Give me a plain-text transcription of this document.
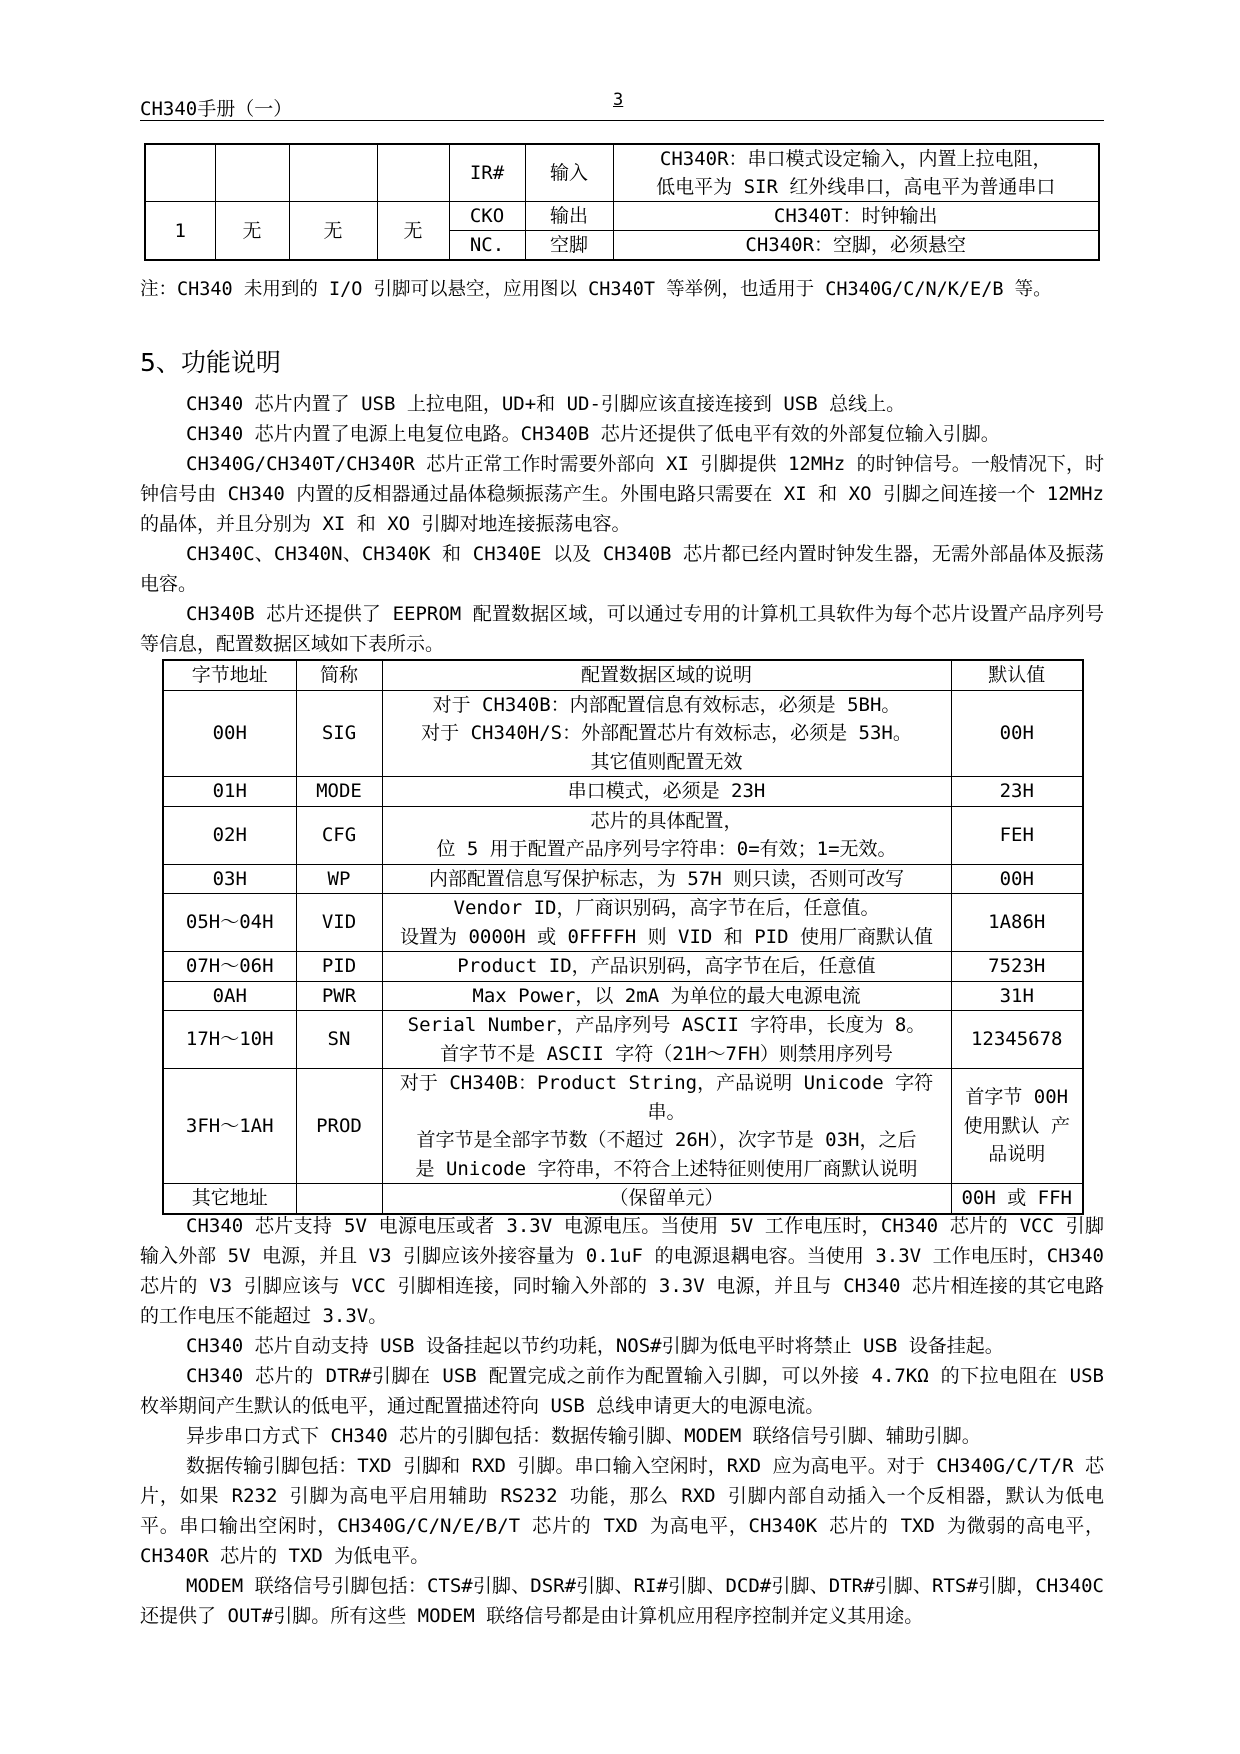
CH340手册（一）	3
				IR#	输入	CH340R：串口模式设定输入，内置上拉电阻，
低电平为 SIR 红外线串口，高电平为普通串口

1	无	无	无	CKO	输出	CH340T：时钟输出
				NC.	空脚	CH340R：空脚，必须悬空
注：CH340 未用到的 I/O 引脚可以悬空，应用图以 CH340T 等举例，也适用于 CH340G/C/N/K/E/B 等。
5、功能说明

CH340 芯片内置了 USB 上拉电阻，UD+和 UD-引脚应该直接连接到 USB 总线上。

CH340 芯片内置了电源上电复位电路。CH340B 芯片还提供了低电平有效的外部复位输入引脚。

CH340G/CH340T/CH340R 芯片正常工作时需要外部向 XI 引脚提供 12MHz 的时钟信号。一般情况下，时钟信号由 CH340 内置的反相器通过晶体稳频振荡产生。外围电路只需要在 XI 和 XO 引脚之间连接一个 12MHz 的晶体，并且分别为 XI 和 XO 引脚对地连接振荡电容。

CH340C、CH340N、CH340K 和 CH340E 以及 CH340B 芯片都已经内置时钟发生器，无需外部晶体及振荡电容。

CH340B 芯片还提供了 EEPROM 配置数据区域，可以通过专用的计算机工具软件为每个芯片设置产品序列号等信息，配置数据区域如下表所示。

字节地址	简称	配置数据区域的说明	默认值
00H	SIG	对于 CH340B：内部配置信息有效标志，必须是 5BH。
对于 CH340H/S：外部配置芯片有效标志，必须是 53H。
其它值则配置无效	00H
01H	MODE	串口模式，必须是 23H	23H
02H	CFG	芯片的具体配置，
位 5 用于配置产品序列号字符串：0=有效；1=无效。	FEH
03H	WP	内部配置信息写保护标志，为 57H 则只读，否则可改写	00H
05H～04H	VID	Vendor ID，厂商识别码，高字节在后，任意值。
设置为 0000H 或 0FFFFH 则 VID 和 PID 使用厂商默认值	1A86H
07H～06H	PID	Product ID，产品识别码，高字节在后，任意值	7523H
0AH	PWR	Max Power，以 2mA 为单位的最大电源电流	31H
17H～10H	SN	Serial Number，产品序列号 ASCII 字符串，长度为 8。
首字节不是 ASCII 字符（21H～7FH）则禁用序列号	12345678
3FH～1AH	PROD	对于 CH340B：Product String，产品说明 Unicode 字符串。
首字节是全部字节数（不超过 26H），次字节是 03H，之后
是 Unicode 字符串，不符合上述特征则使用厂商默认说明	首字节 00H 使用默认 产品说明
其它地址		（保留单元）	00H 或 FFH

CH340 芯片支持 5V 电源电压或者 3.3V 电源电压。当使用 5V 工作电压时，CH340 芯片的 VCC 引脚输入外部 5V 电源，并且 V3 引脚应该外接容量为 0.1uF 的电源退耦电容。当使用 3.3V 工作电压时，CH340 芯片的 V3 引脚应该与 VCC 引脚相连接，同时输入外部的 3.3V 电源，并且与 CH340 芯片相连接的其它电路的工作电压不能超过 3.3V。

CH340 芯片自动支持 USB 设备挂起以节约功耗，NOS#引脚为低电平时将禁止 USB 设备挂起。

CH340 芯片的 DTR#引脚在 USB 配置完成之前作为配置输入引脚，可以外接 4.7KΩ 的下拉电阻在 USB 枚举期间产生默认的低电平，通过配置描述符向 USB 总线申请更大的电源电流。

异步串口方式下 CH340 芯片的引脚包括：数据传输引脚、MODEM 联络信号引脚、辅助引脚。

数据传输引脚包括：TXD 引脚和 RXD 引脚。串口输入空闲时，RXD 应为高电平。对于 CH340G/C/T/R 芯片，如果 R232 引脚为高电平启用辅助 RS232 功能，那么 RXD 引脚内部自动插入一个反相器，默认为低电平。串口输出空闲时，CH340G/C/N/E/B/T 芯片的 TXD 为高电平，CH340K 芯片的 TXD 为微弱的高电平，CH340R 芯片的 TXD 为低电平。

MODEM 联络信号引脚包括：CTS#引脚、DSR#引脚、RI#引脚、DCD#引脚、DTR#引脚、RTS#引脚，CH340C 还提供了 OUT#引脚。所有这些 MODEM 联络信号都是由计算机应用程序控制并定义其用途。
